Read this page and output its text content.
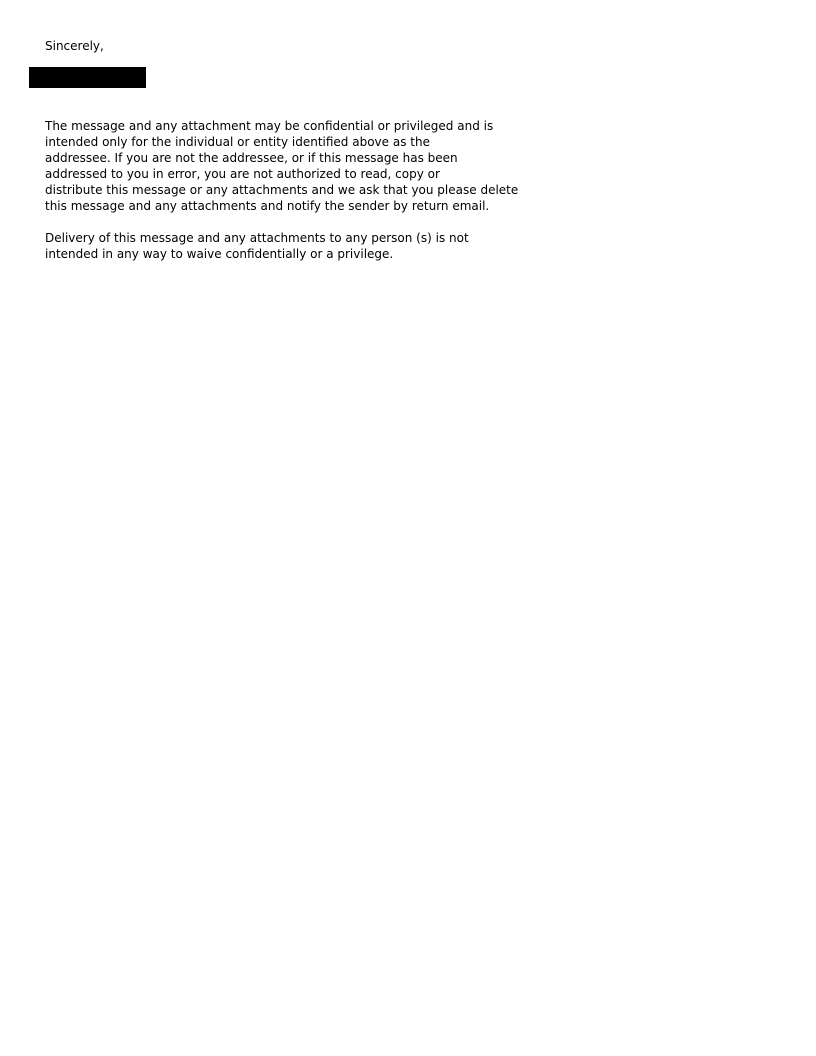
Sincerely,
The message and any attachment may be confidential or privileged and is
intended only for the individual or entity identified above as the
addressee. If you are not the addressee, or if this message has been
addressed to you in error, you are not authorized to read, copy or
distribute this message or any attachments and we ask that you please delete
this message and any attachments and notify the sender by return email.
Delivery of this message and any attachments to any person (s) is not
intended in any way to waive confidentially or a privilege.
